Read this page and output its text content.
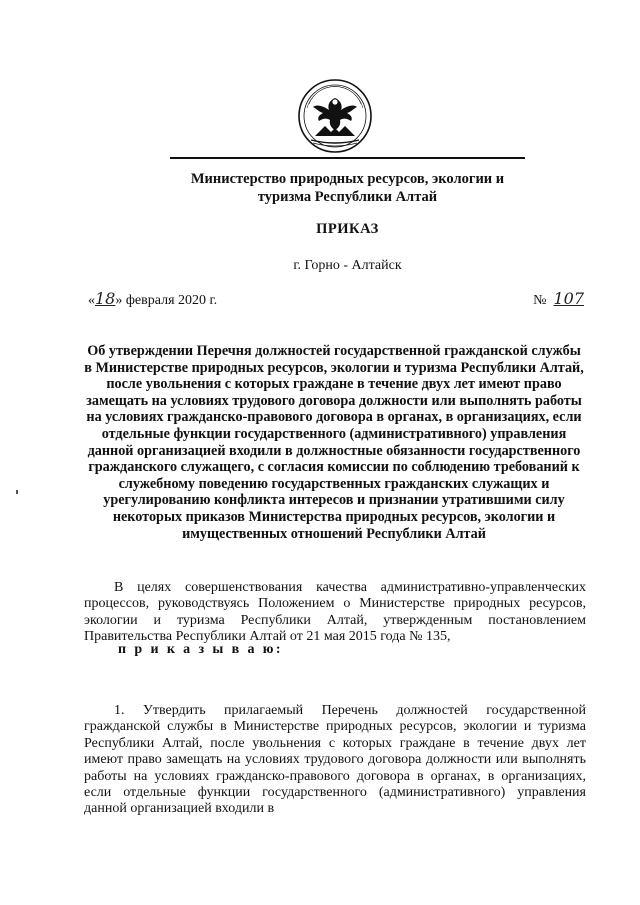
Министерство природных ресурсов, экологии и туризма Республики Алтай
ПРИКАЗ
г. Горно - Алтайск
«18» февраля 2020 г.	№ 107
Об утверждении Перечня должностей государственной гражданской службы в Министерстве природных ресурсов, экологии и туризма Республики Алтай, после увольнения с которых граждане в течение двух лет имеют право замещать на условиях трудового договора должности или выполнять работы на условиях гражданско-правового договора в органах, в организациях, если отдельные функции государственного (административного) управления данной организацией входили в должностные обязанности государственного гражданского служащего, с согласия комиссии по соблюдению требований к служебному поведению государственных гражданских служащих и урегулированию конфликта интересов и признании утратившими силу некоторых приказов Министерства природных ресурсов, экологии и имущественных отношений Республики Алтай
В целях совершенствования качества административно-управленческих процессов, руководствуясь Положением о Министерстве природных ресурсов, экологии и туризма Республики Алтай, утвержденным постановлением Правительства Республики Алтай от 21 мая 2015 года № 135,
п р и к а з ы в а ю:
1. Утвердить прилагаемый Перечень должностей государственной гражданской службы в Министерстве природных ресурсов, экологии и туризма Республики Алтай, после увольнения с которых граждане в течение двух лет имеют право замещать на условиях трудового договора должности или выполнять работы на условиях гражданско-правового договора в органах, в организациях, если отдельные функции государственного (административного) управления данной организацией входили в
